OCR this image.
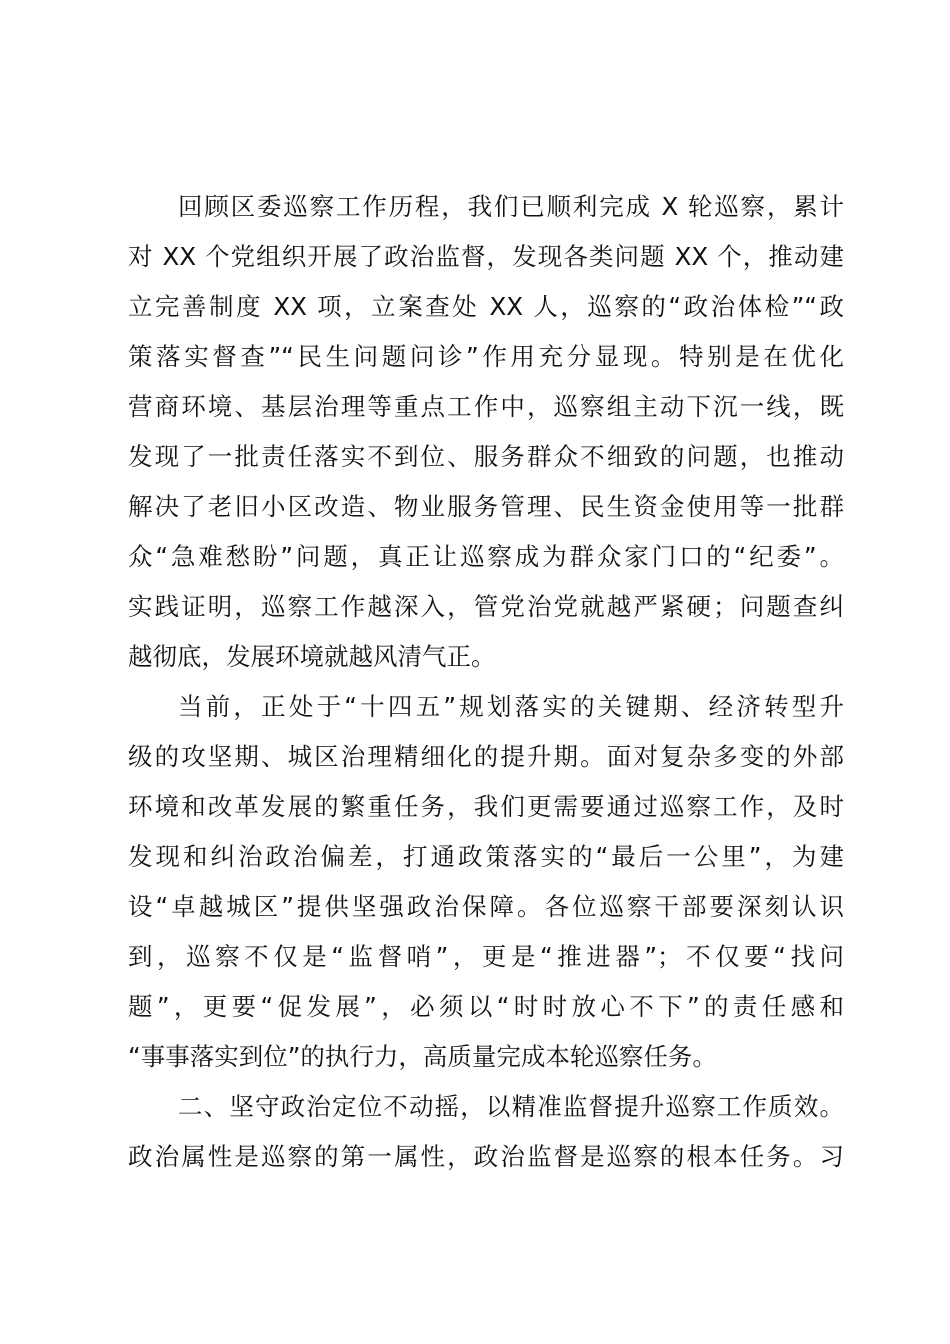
回顾区委巡察工作历程，我们已顺利完成 X 轮巡察，累计
对 XX 个党组织开展了政治监督，发现各类问题 XX 个，推动建
立完善制度 XX 项，立案查处 XX 人，巡察的“政治体检”“政
策落实督查”“民生问题问诊”作用充分显现。特别是在优化
营商环境、基层治理等重点工作中，巡察组主动下沉一线，既
发现了一批责任落实不到位、服务群众不细致的问题，也推动
解决了老旧小区改造、物业服务管理、民生资金使用等一批群
众“急难愁盼”问题，真正让巡察成为群众家门口的“纪委”。
实践证明，巡察工作越深入，管党治党就越严紧硬；问题查纠
越彻底，发展环境就越风清气正。
当前，正处于“十四五”规划落实的关键期、经济转型升
级的攻坚期、城区治理精细化的提升期。面对复杂多变的外部
环境和改革发展的繁重任务，我们更需要通过巡察工作，及时
发现和纠治政治偏差，打通政策落实的“最后一公里”，为建
设“卓越城区”提供坚强政治保障。各位巡察干部要深刻认识
到，巡察不仅是“监督哨”，更是“推进器”；不仅要“找问
题”，更要“促发展”，必须以“时时放心不下”的责任感和
“事事落实到位”的执行力，高质量完成本轮巡察任务。
二、坚守政治定位不动摇，以精准监督提升巡察工作质效。
政治属性是巡察的第一属性，政治监督是巡察的根本任务。习
